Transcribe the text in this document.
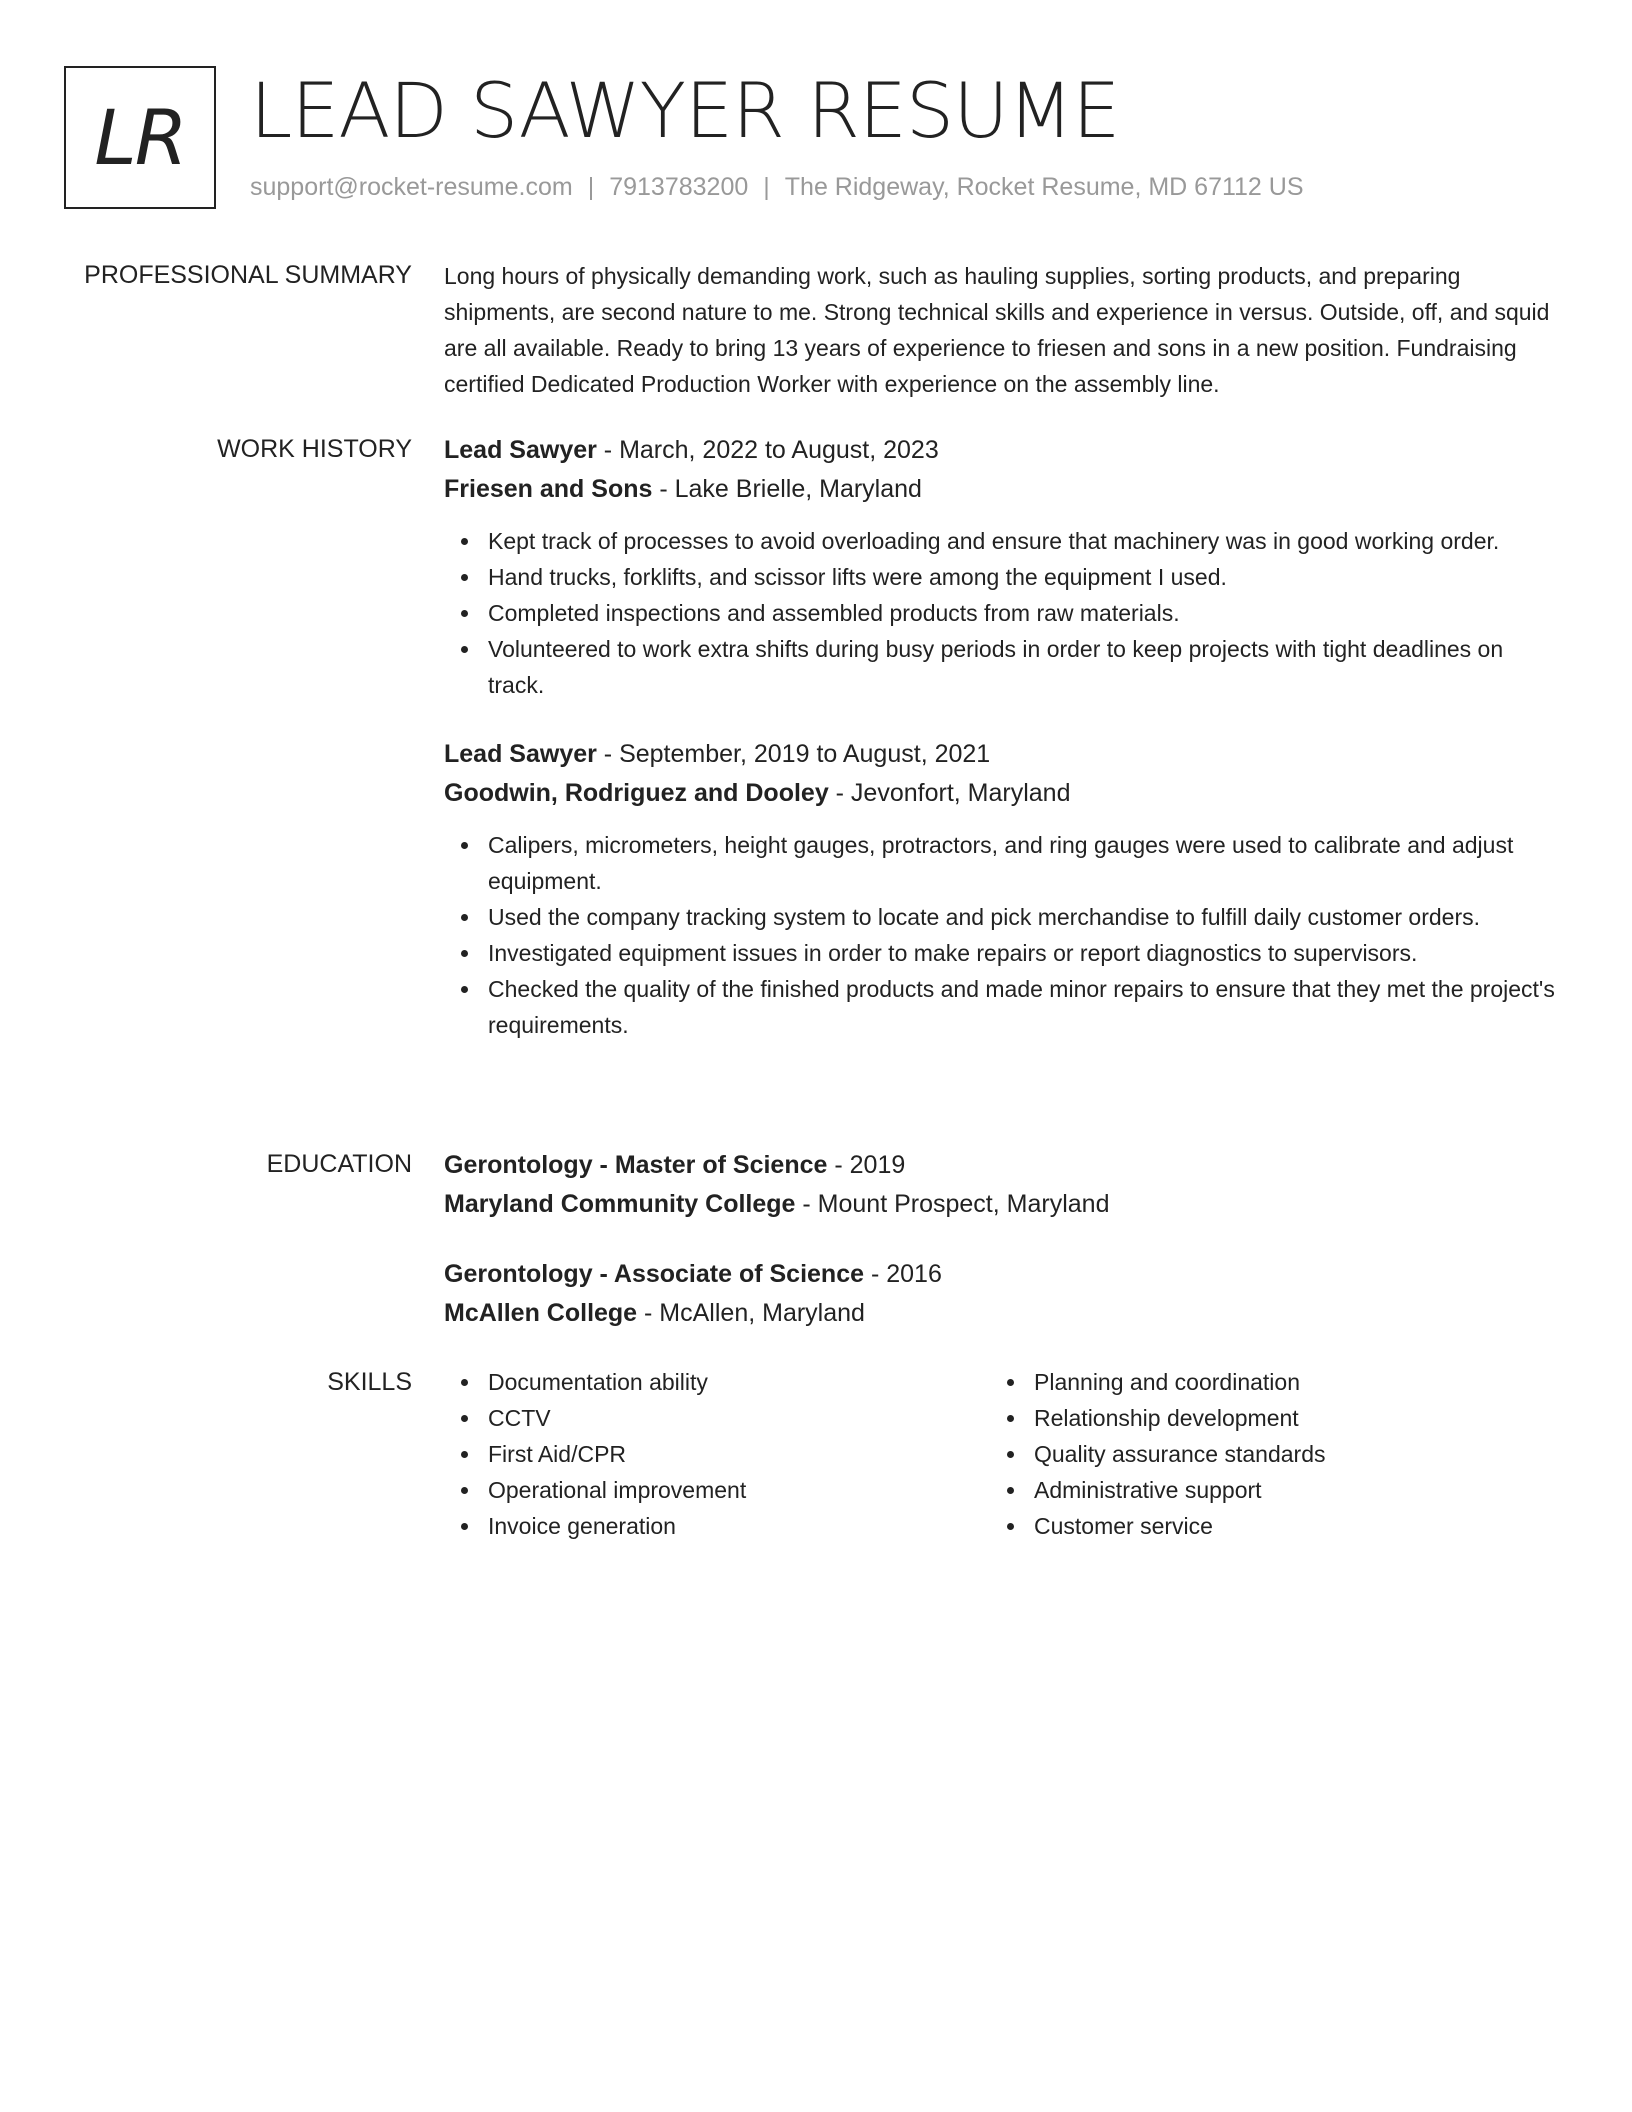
LR LEAD SAWYER RESUME
support@rocket-resume.com | 7913783200 | The Ridgeway, Rocket Resume, MD 67112 US
PROFESSIONAL SUMMARY Long hours of physically demanding work, such as hauling supplies, sorting products, and preparing shipments, are second nature to me. Strong technical skills and experience in versus. Outside, off, and squid are all available. Ready to bring 13 years of experience to friesen and sons in a new position. Fundraising certified Dedicated Production Worker with experience on the assembly line.
WORK HISTORY Lead Sawyer - March, 2022 to August, 2023
Friesen and Sons - Lake Brielle, Maryland
Kept track of processes to avoid overloading and ensure that machinery was in good working order.
Hand trucks, forklifts, and scissor lifts were among the equipment I used.
Completed inspections and assembled products from raw materials.
Volunteered to work extra shifts during busy periods in order to keep projects with tight deadlines on track.
Lead Sawyer - September, 2019 to August, 2021
Goodwin, Rodriguez and Dooley - Jevonfort, Maryland
Calipers, micrometers, height gauges, protractors, and ring gauges were used to calibrate and adjust equipment.
Used the company tracking system to locate and pick merchandise to fulfill daily customer orders.
Investigated equipment issues in order to make repairs or report diagnostics to supervisors.
Checked the quality of the finished products and made minor repairs to ensure that they met the project's requirements.
EDUCATION Gerontology - Master of Science - 2019
Maryland Community College - Mount Prospect, Maryland
Gerontology - Associate of Science - 2016
McAllen College - McAllen, Maryland
SKILLS	Documentation ability
CCTV
First Aid/CPR
Operational improvement
Invoice generation
Planning and coordination
Relationship development
Quality assurance standards
Administrative support
Customer service
